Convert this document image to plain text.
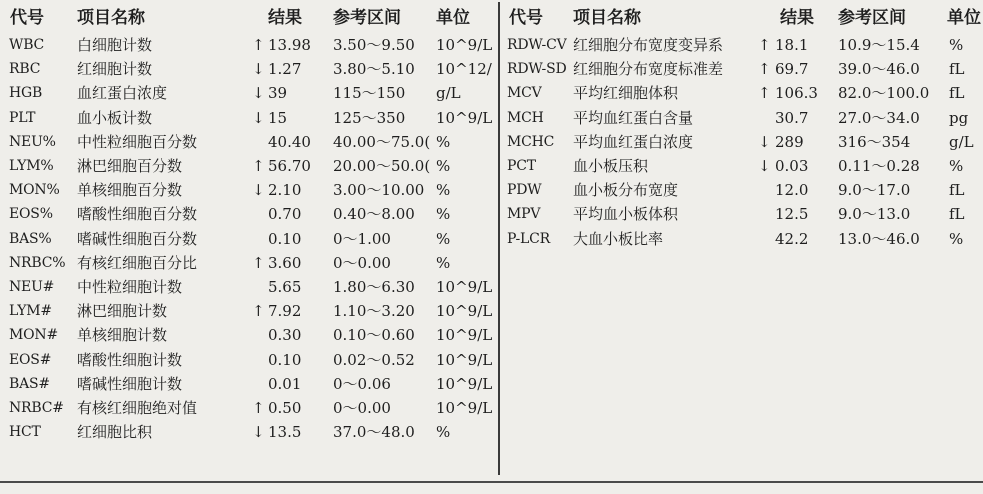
代号	项目名称	结果	参考区间	单位
WBC	白细胞计数	↑ 13.98	3.50～9.50	10^9/L
RBC	红细胞计数	↓ 1.27	3.80～5.10	10^12/
HGB	血红蛋白浓度	↓ 39	115～150	g/L
PLT	血小板计数	↓ 15	125～350	10^9/L
NEU%	中性粒细胞百分数	40.40	40.00～75.0( %
LYM%	淋巴细胞百分数	↑ 56.70	20.00～50.0( %
MON%	单核细胞百分数	↓ 2.10	3.00～10.00 %
EOS%	嗜酸性细胞百分数	0.70	0.40～8.00	%
BAS%	嗜碱性细胞百分数	0.10	0～1.00	%
NRBC% 有核红细胞百分比	↑ 3.60	0～0.00	%
NEU#	中性粒细胞计数	5.65	1.80～6.30	10^9/L
LYM#	淋巴细胞计数	↑ 7.92	1.10～3.20	10^9/L
MON#	单核细胞计数	0.30	0.10～0.60	10^9/L
EOS#	嗜酸性细胞计数	0.10	0.02～0.52	10^9/L
BAS#	嗜碱性细胞计数	0.01	0～0.06	10^9/L
NRBC# 有核红细胞绝对值	↑ 0.50	0～0.00	10^9/L
HCT	红细胞比积	↓ 13.5	37.0～48.0	%
代号	项目名称	结果	参考区间	单位
RDW-CV 红细胞分布宽度变异系	↑ 18.1	10.9～15.4	%
RDW-SD 红细胞分布宽度标准差	↑ 69.7	39.0～46.0	fL
MCV	平均红细胞体积	↑ 106.3	82.0～100.0	fL
MCH	平均血红蛋白含量	30.7	27.0～34.0	pg
MCHC	平均血红蛋白浓度	↓ 289	316～354	g/L
PCT	血小板压积	↓ 0.03	0.11～0.28	%
PDW	血小板分布宽度	12.0	9.0～17.0	fL
MPV	平均血小板体积	12.5	9.0～13.0	fL
P-LCR	大血小板比率	42.2	13.0～46.0	%
